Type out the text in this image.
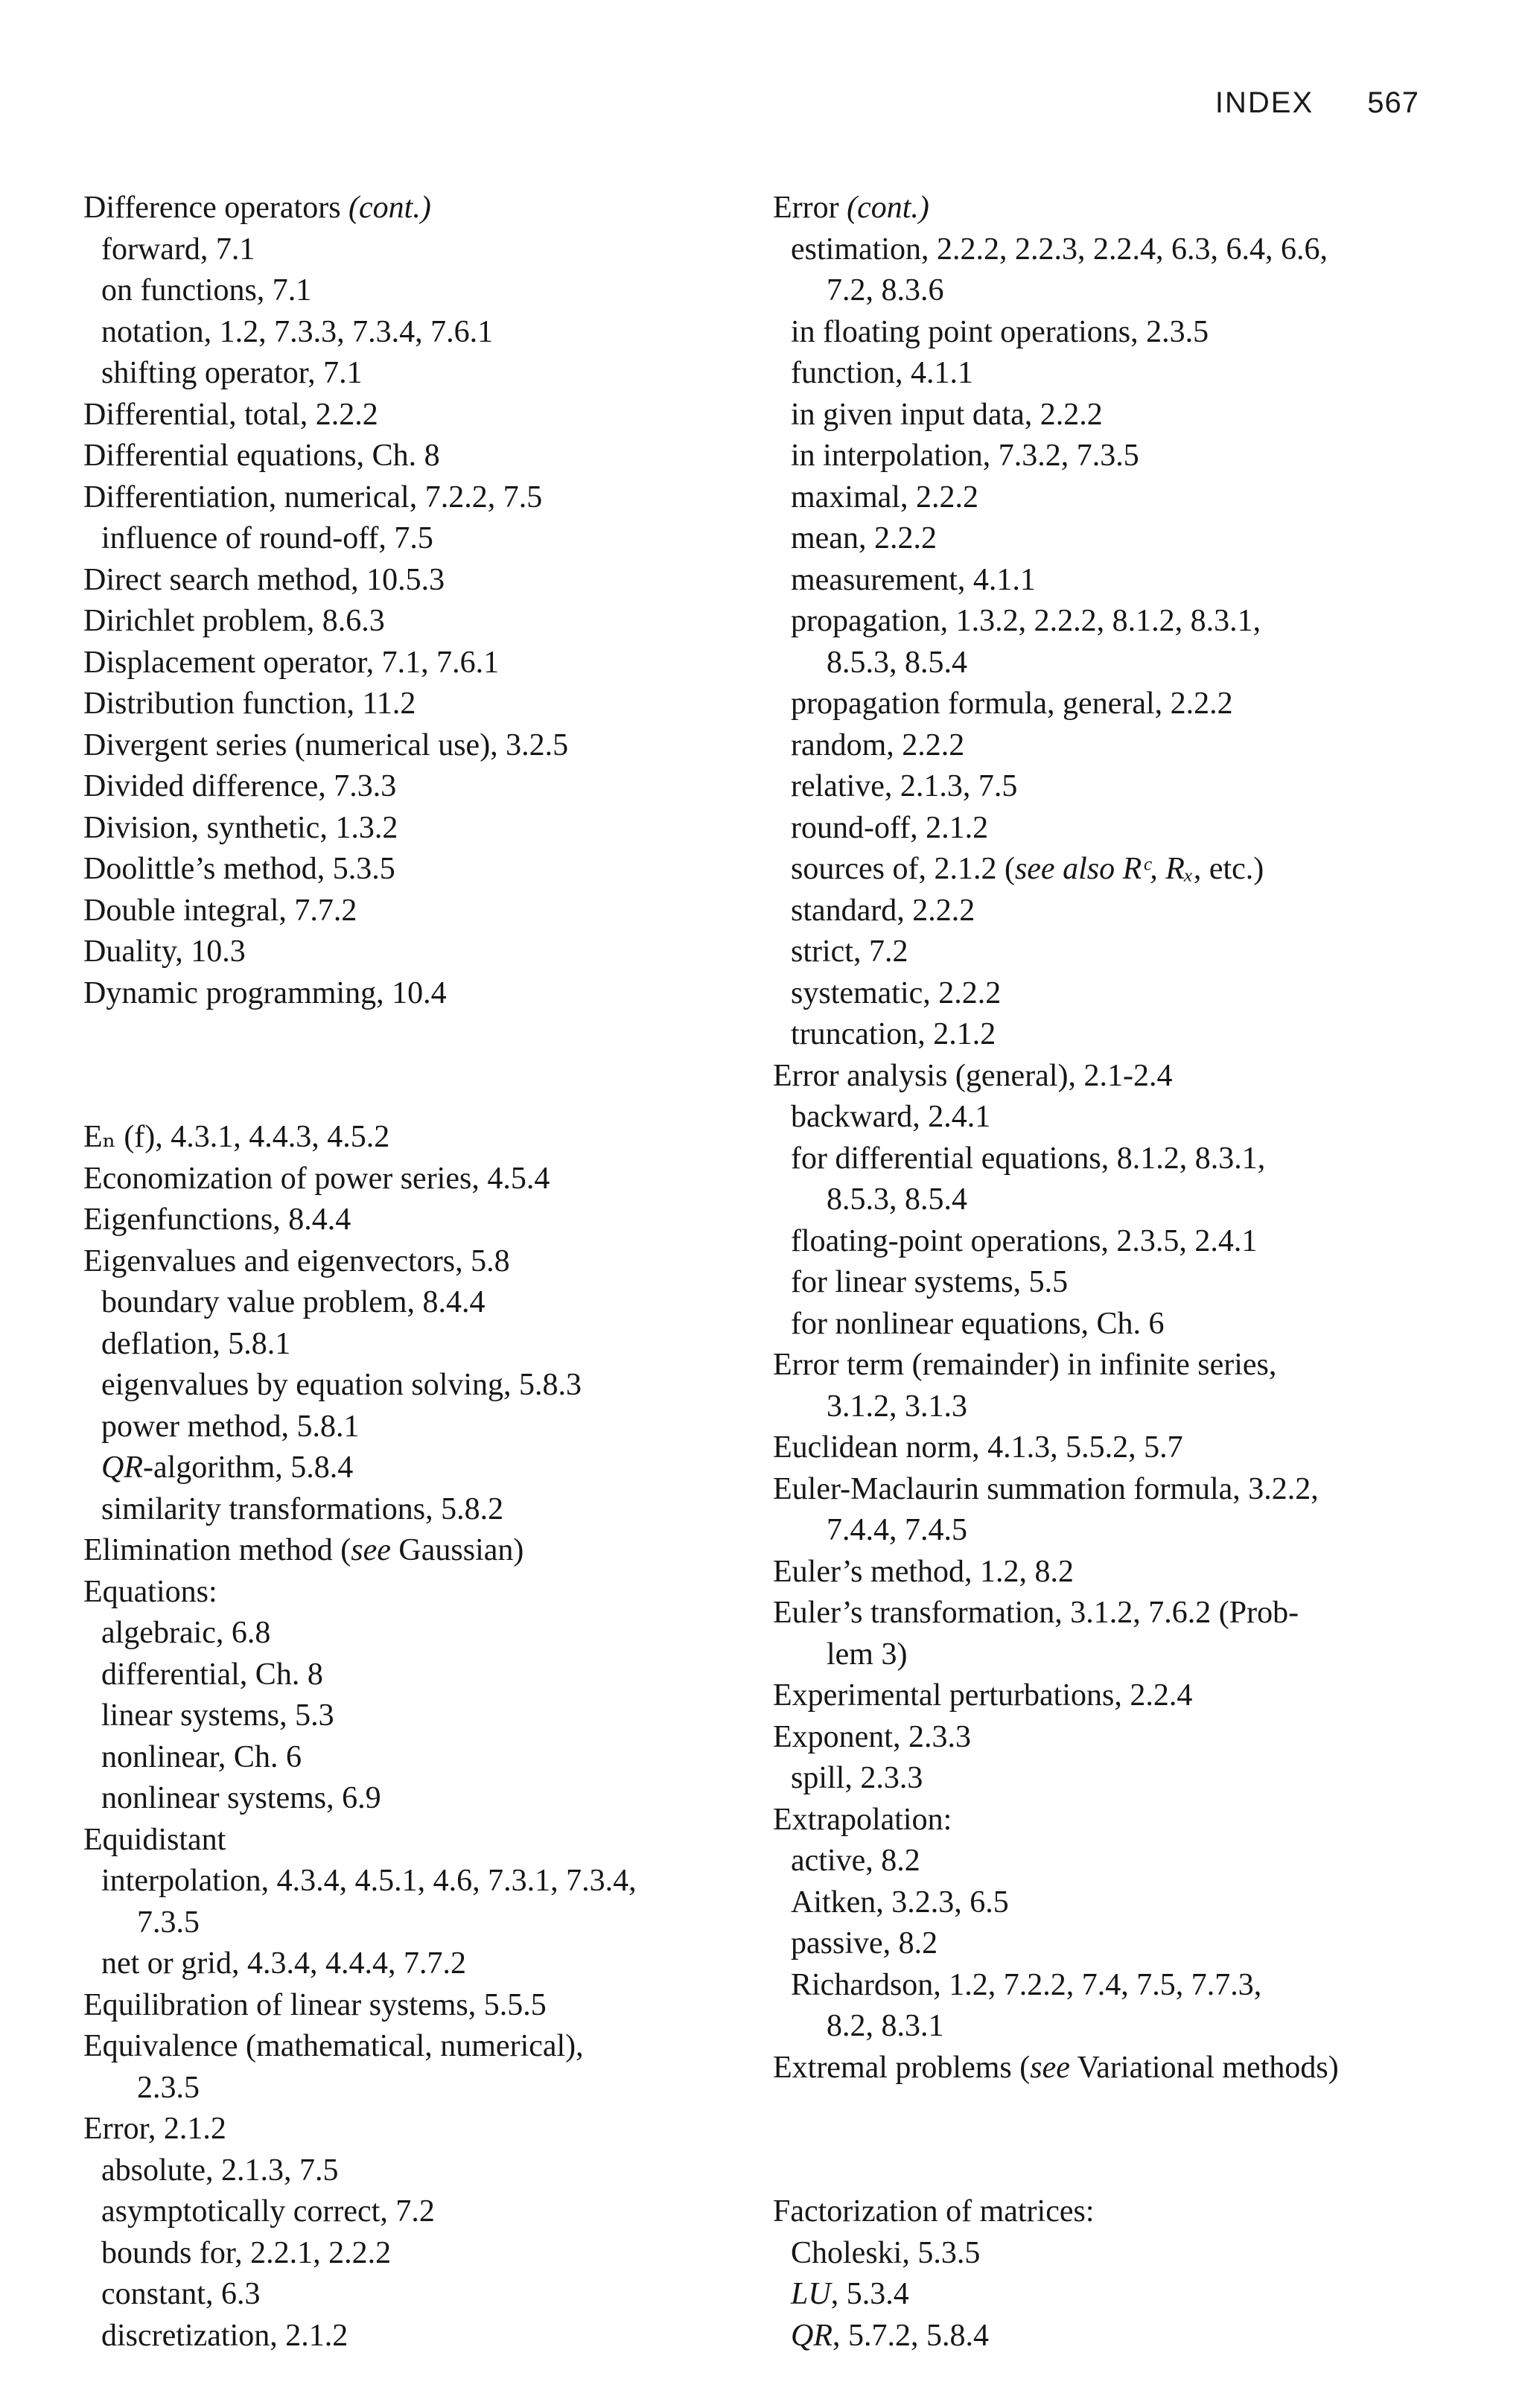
INDEX 567
Difference operators (cont.)
forward, 7.1
on functions, 7.1
notation, 1.2, 7.3.3, 7.3.4, 7.6.1
shifting operator, 7.1
Differential, total, 2.2.2
Differential equations, Ch. 8
Differentiation, numerical, 7.2.2, 7.5
influence of round-off, 7.5
Direct search method, 10.5.3
Dirichlet problem, 8.6.3
Displacement operator, 7.1, 7.6.1
Distribution function, 11.2
Divergent series (numerical use), 3.2.5
Divided difference, 7.3.3
Division, synthetic, 1.3.2
Doolittle’s method, 5.3.5
Double integral, 7.7.2
Duality, 10.3
Dynamic programming, 10.4
Eₙ (f), 4.3.1, 4.4.3, 4.5.2
Economization of power series, 4.5.4
Eigenfunctions, 8.4.4
Eigenvalues and eigenvectors, 5.8
boundary value problem, 8.4.4
deflation, 5.8.1
eigenvalues by equation solving, 5.8.3
power method, 5.8.1
QR-algorithm, 5.8.4
similarity transformations, 5.8.2
Elimination method (see Gaussian)
Equations:
algebraic, 6.8
differential, Ch. 8
linear systems, 5.3
nonlinear, Ch. 6
nonlinear systems, 6.9
Equidistant
interpolation, 4.3.4, 4.5.1, 4.6, 7.3.1, 7.3.4,
7.3.5
net or grid, 4.3.4, 4.4.4, 7.7.2
Equilibration of linear systems, 5.5.5
Equivalence (mathematical, numerical),
2.3.5
Error, 2.1.2
absolute, 2.1.3, 7.5
asymptotically correct, 7.2
bounds for, 2.2.1, 2.2.2
constant, 6.3
discretization, 2.1.2
Error (cont.)
estimation, 2.2.2, 2.2.3, 2.2.4, 6.3, 6.4, 6.6,
7.2, 8.3.6
in floating point operations, 2.3.5
function, 4.1.1
in given input data, 2.2.2
in interpolation, 7.3.2, 7.3.5
maximal, 2.2.2
mean, 2.2.2
measurement, 4.1.1
propagation, 1.3.2, 2.2.2, 8.1.2, 8.3.1,
8.5.3, 8.5.4
propagation formula, general, 2.2.2
random, 2.2.2
relative, 2.1.3, 7.5
round-off, 2.1.2
sources of, 2.1.2 (see also Rᶜ, Rₓ, etc.)
standard, 2.2.2
strict, 7.2
systematic, 2.2.2
truncation, 2.1.2
Error analysis (general), 2.1-2.4
backward, 2.4.1
for differential equations, 8.1.2, 8.3.1,
8.5.3, 8.5.4
floating-point operations, 2.3.5, 2.4.1
for linear systems, 5.5
for nonlinear equations, Ch. 6
Error term (remainder) in infinite series,
3.1.2, 3.1.3
Euclidean norm, 4.1.3, 5.5.2, 5.7
Euler-Maclaurin summation formula, 3.2.2,
7.4.4, 7.4.5
Euler’s method, 1.2, 8.2
Euler’s transformation, 3.1.2, 7.6.2 (Prob-
lem 3)
Experimental perturbations, 2.2.4
Exponent, 2.3.3
spill, 2.3.3
Extrapolation:
active, 8.2
Aitken, 3.2.3, 6.5
passive, 8.2
Richardson, 1.2, 7.2.2, 7.4, 7.5, 7.7.3,
8.2, 8.3.1
Extremal problems (see Variational methods)
Factorization of matrices:
Choleski, 5.3.5
LU, 5.3.4
QR, 5.7.2, 5.8.4
